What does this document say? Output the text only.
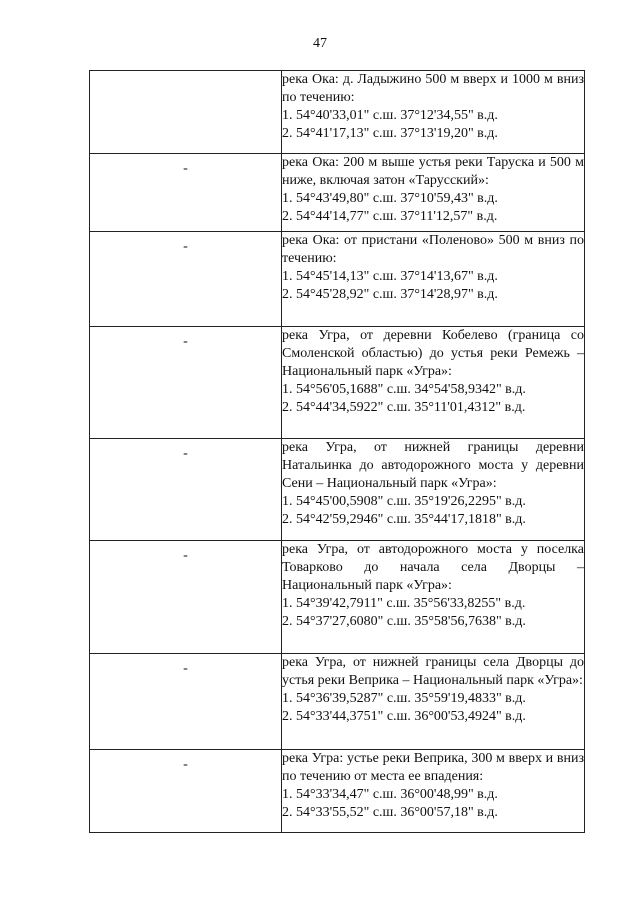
47

	река Ока: д. Ладыжино 500 м вверх и 1000 м вниз по течению:
1. 54°40'33,01" с.ш. 37°12'34,55" в.д.
2. 54°41'17,13" с.ш. 37°13'19,20" в.д.

-	река Ока: 200 м выше устья реки Таруска и 500 м ниже, включая затон «Тарусский»:
1. 54°43'49,80" с.ш. 37°10'59,43" в.д.
2. 54°44'14,77" с.ш. 37°11'12,57" в.д.

-	река Ока: от пристани «Поленово» 500 м вниз по течению:
1. 54°45'14,13" с.ш. 37°14'13,67" в.д.
2. 54°45'28,92" с.ш. 37°14'28,97" в.д.

-	река Угра, от деревни Кобелево (граница со Смоленской областью) до устья реки Ремежь – Национальный парк «Угра»:
1. 54°56'05,1688" с.ш. 34°54'58,9342" в.д.
2. 54°44'34,5922" с.ш. 35°11'01,4312" в.д.

-	река Угра, от нижней границы деревни Натальинка до автодорожного моста у деревни Сени – Национальный парк «Угра»:
1. 54°45'00,5908" с.ш. 35°19'26,2295" в.д.
2. 54°42'59,2946" с.ш. 35°44'17,1818" в.д.

-	река Угра, от автодорожного моста у поселка Товарково до начала села Дворцы – Национальный парк «Угра»:
1. 54°39'42,7911" с.ш. 35°56'33,8255" в.д.
2. 54°37'27,6080" с.ш. 35°58'56,7638" в.д.

-	река Угра, от нижней границы села Дворцы до устья реки Веприка – Национальный парк «Угра»:
1. 54°36'39,5287" с.ш. 35°59'19,4833" в.д.
2. 54°33'44,3751" с.ш. 36°00'53,4924" в.д.

-	река Угра: устье реки Веприка, 300 м вверх и вниз по течению от места ее впадения:
1. 54°33'34,47" с.ш. 36°00'48,99" в.д.
2. 54°33'55,52" с.ш. 36°00'57,18" в.д.
